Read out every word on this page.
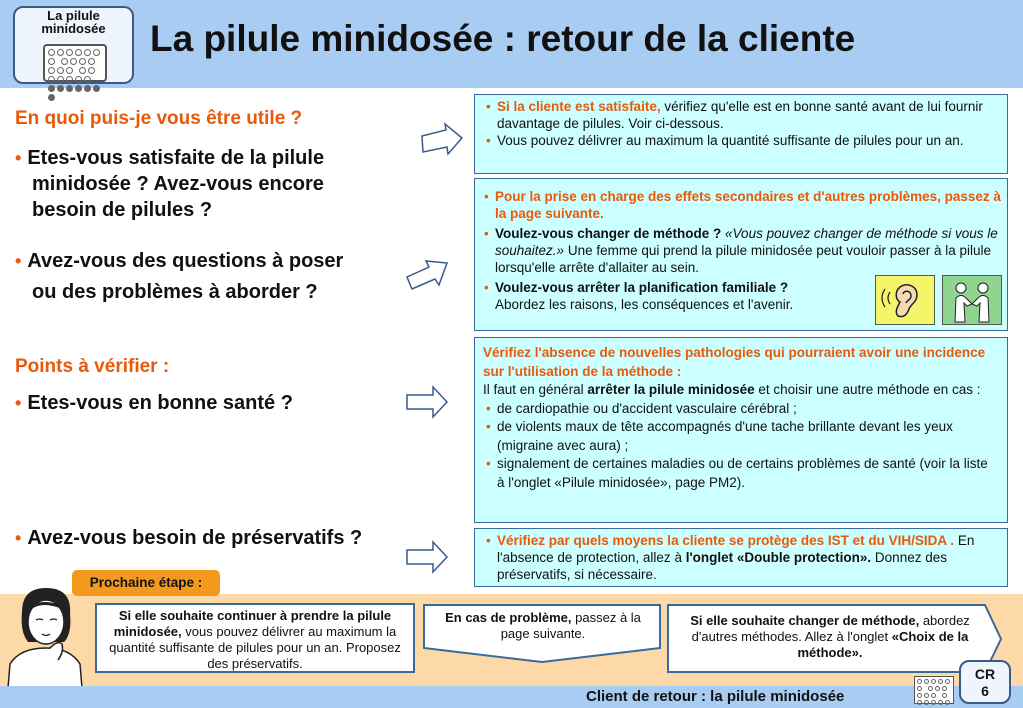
La pilule
minidosée
	La pilule minidosée : retour de la cliente
En quoi puis-je vous être utile ?
• Etes-vous satisfaite de la pilule
minidosée ? Avez-vous encore
besoin de pilules ?
• Avez-vous des questions à poser
ou des problèmes à aborder ?
Points à vérifier :
• Etes-vous en bonne santé ?
• Avez-vous besoin de préservatifs ?
• Si la cliente est satisfaite, vérifiez qu'elle est en bonne santé avant de lui fournir davantage de pilules. Voir ci-dessous.
• Vous pouvez délivrer au maximum la quantité suffisante de pilules pour un an.
• Pour la prise en charge des effets secondaires et d'autres problèmes, passez à la page suivante.
• Voulez-vous changer de méthode ? «Vous pouvez changer de méthode si vous le souhaitez.» Une femme qui prend la pilule minidosée peut vouloir passer à la pilule lorsqu'elle arrête d'allaiter au sein.
• Voulez-vous arrêter la planification familiale ?
Abordez les raisons, les conséquences et l'avenir.
Vérifiez l'absence de nouvelles pathologies qui pourraient avoir une incidence sur l'utilisation de la méthode :
Il faut en général arrêter la pilule minidosée et choisir une autre méthode en cas :
• de cardiopathie ou d'accident vasculaire cérébral ;
• de violents maux de tête accompagnés d'une tache brillante devant les yeux (migraine avec aura) ;
• signalement de certaines maladies ou de certains problèmes de santé (voir la liste à l'onglet «Pilule minidosée», page PM2).
• Vérifiez par quels moyens la cliente se protège des IST et du VIH/SIDA . En l'absence de protection, allez à l'onglet «Double protection». Donnez des préservatifs, si nécessaire.
Prochaine étape :
Si elle souhaite continuer à prendre la pilule minidosée, vous pouvez délivrer au maximum la quantité suffisante de pilules pour un an. Proposez des préservatifs.
En cas de problème, passez à la page suivante.
Si elle souhaite changer de méthode, abordez d'autres méthodes. Allez à l'onglet «Choix de la méthode».
Client de retour : la pilule minidosée

CR
6
